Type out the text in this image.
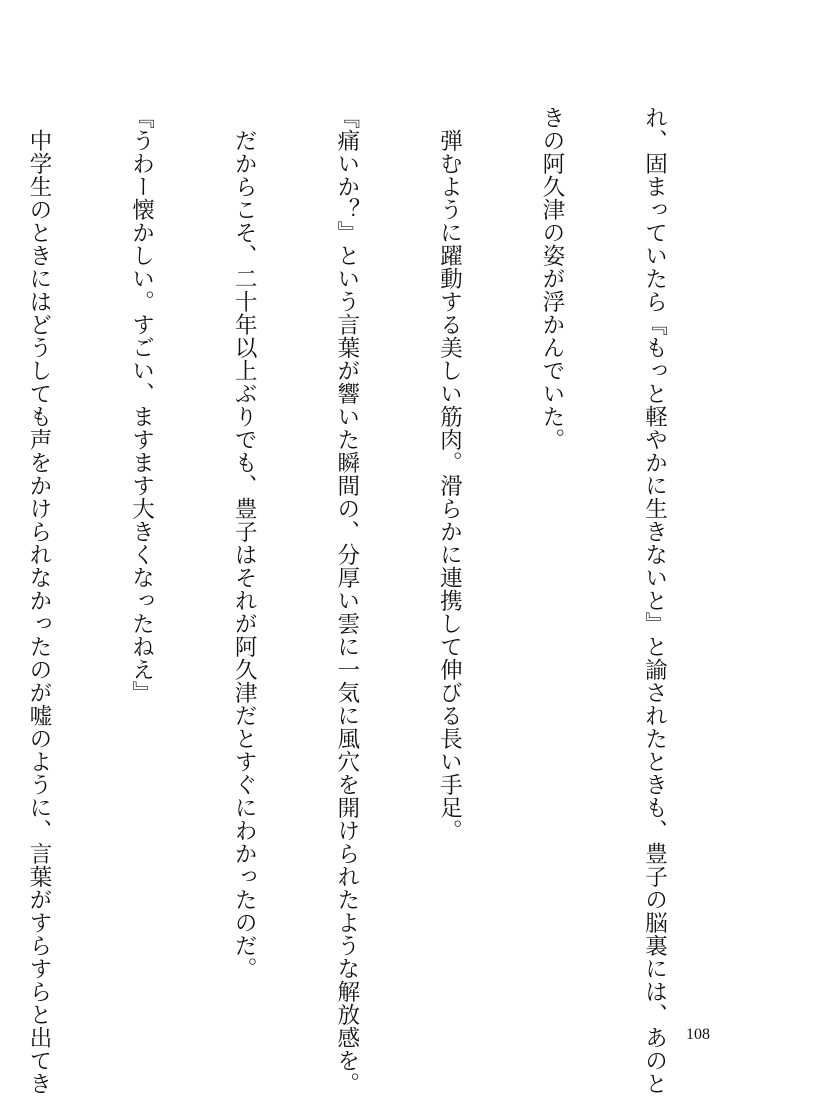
れ、固まっていたら『もっと軽やかに生きないと』と諭されたときも、豊子の脳裏には、あのと

きの阿久津の姿が浮かんでいた。

　弾むように躍動する美しい筋肉。滑らかに連携して伸びる長い手足。

『痛いか？』という言葉が響いた瞬間の、分厚い雲に一気に風穴を開けられたような解放感を。

　だからこそ、二十年以上ぶりでも、豊子はそれが阿久津だとすぐにわかったのだ。

『うわー懐かしい。すごい、ますます大きくなったねえ』

　中学生のときにはどうしても声をかけられなかったのが嘘のように、言葉がすらすらと出てき

	108
